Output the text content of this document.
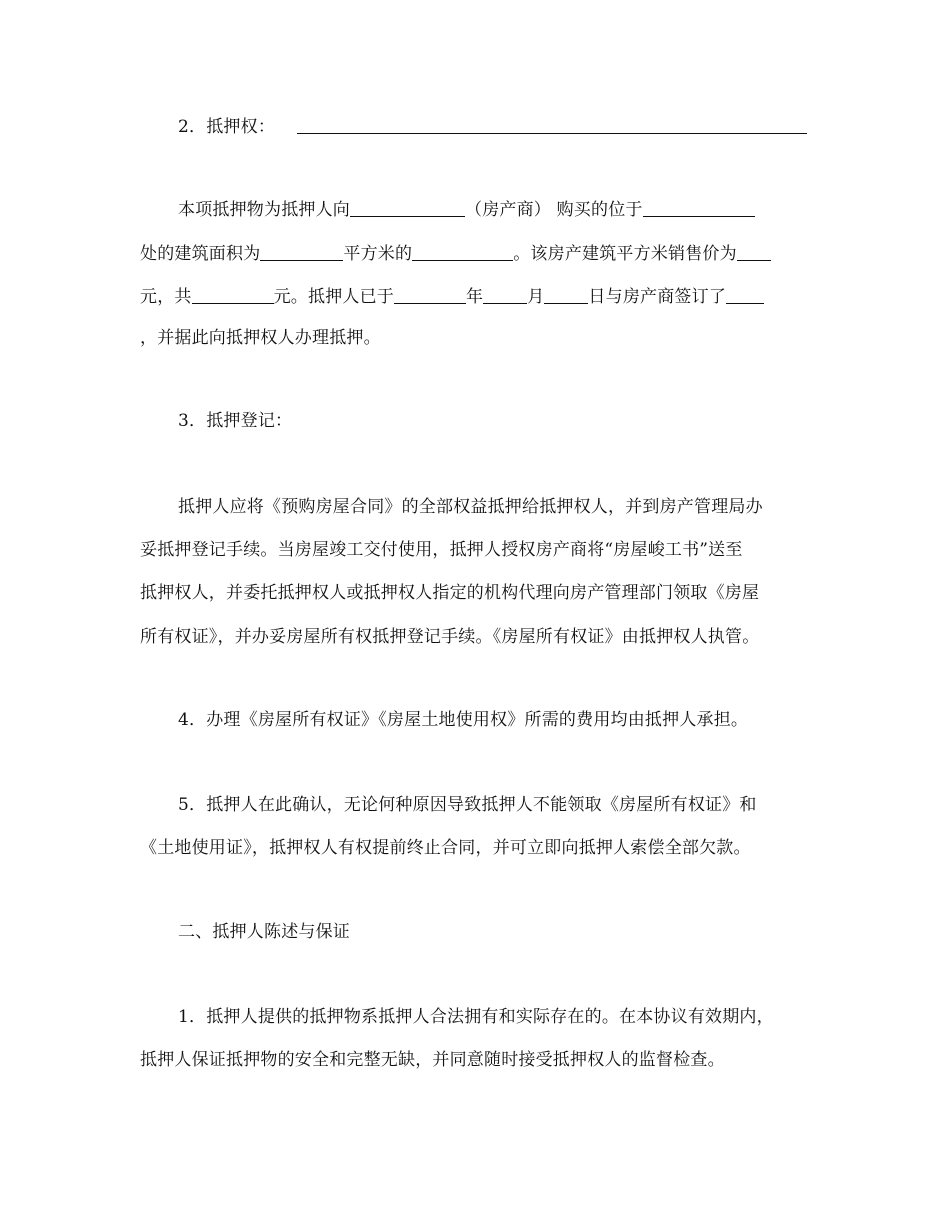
2．抵押权：
本项抵押物为抵押人向	（房产商） 购买的位于
处的建筑面积为	平方米的	。该房产建筑平方米销售价为
元，共	元。抵押人已于	年	月	日与房产商签订了
，并据此向抵押权人办理抵押。
3．抵押登记：
抵押人应将《预购房屋合同》的全部权益抵押给抵押权人，并到房产管理局办
妥抵押登记手续。当房屋竣工交付使用，抵押人授权房产商将“房屋峻工书”送至
抵押权人，并委托抵押权人或抵押权人指定的机构代理向房产管理部门领取《房屋
所有权证》，并办妥房屋所有权抵押登记手续。《房屋所有权证》由抵押权人执管。
4．办理《房屋所有权证》《房屋土地使用权》所需的费用均由抵押人承担。
5．抵押人在此确认，无论何种原因导致抵押人不能领取《房屋所有权证》和
《土地使用证》，抵押权人有权提前终止合同，并可立即向抵押人索偿全部欠款。
二、抵押人陈述与保证
1．抵押人提供的抵押物系抵押人合法拥有和实际存在的。在本协议有效期内，
抵押人保证抵押物的安全和完整无缺，并同意随时接受抵押权人的监督检查。
